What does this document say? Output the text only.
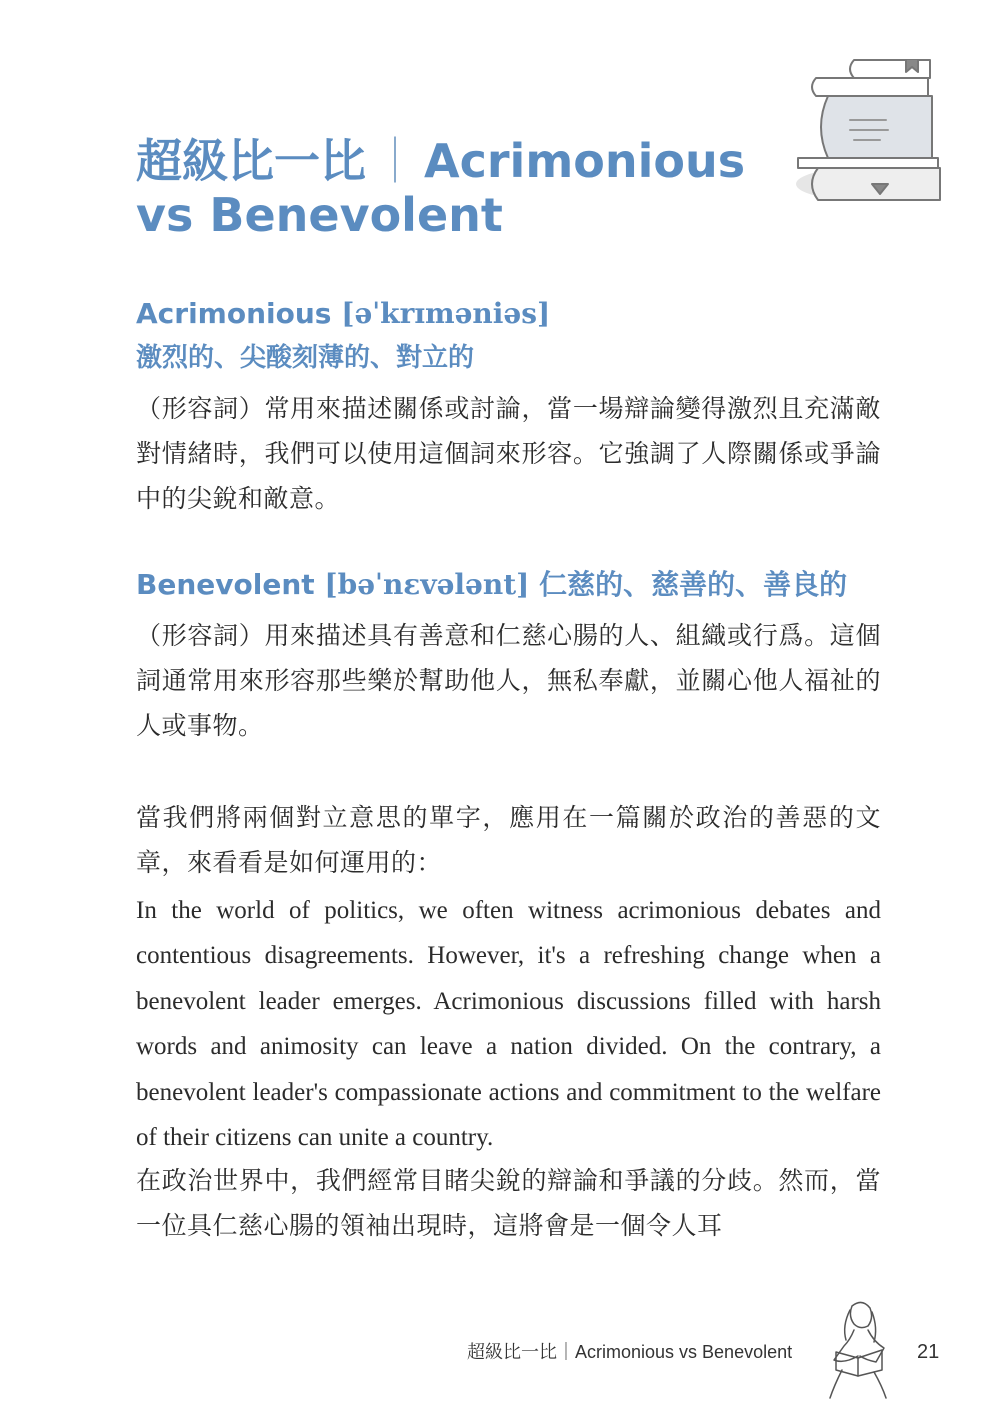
超級比一比 ｜ Acrimonious vs Benevolent
Acrimonious [əˈkrɪməniəs]
激烈的、尖酸刻薄的、對立的

（形容詞）常用來描述關係或討論，當一場辯論變得激烈且充滿敵對情緒時，我們可以使用這個詞來形容。它強調了人際關係或爭論中的尖銳和敵意。

Benevolent [bəˈnɛvələnt] 仁慈的、慈善的、善良的

（形容詞）用來描述具有善意和仁慈心腸的人、組織或行爲。這個詞通常用來形容那些樂於幫助他人，無私奉獻，並關心他人福祉的人或事物。

當我們將兩個對立意思的單字，應用在一篇關於政治的善惡的文章，來看看是如何運用的：

In the world of politics, we often witness acrimonious debates and contentious disagreements. However, it's a refreshing change when a benevolent leader emerges. Acrimonious discussions filled with harsh words and animosity can leave a nation divided. On the contrary, a benevolent leader's compassionate actions and commitment to the welfare of their citizens can unite a country.

在政治世界中，我們經常目睹尖銳的辯論和爭議的分歧。然而，當一位具仁慈心腸的領袖出現時，這將會是一個令人耳

超級比一比｜Acrimonious vs Benevolent	21
